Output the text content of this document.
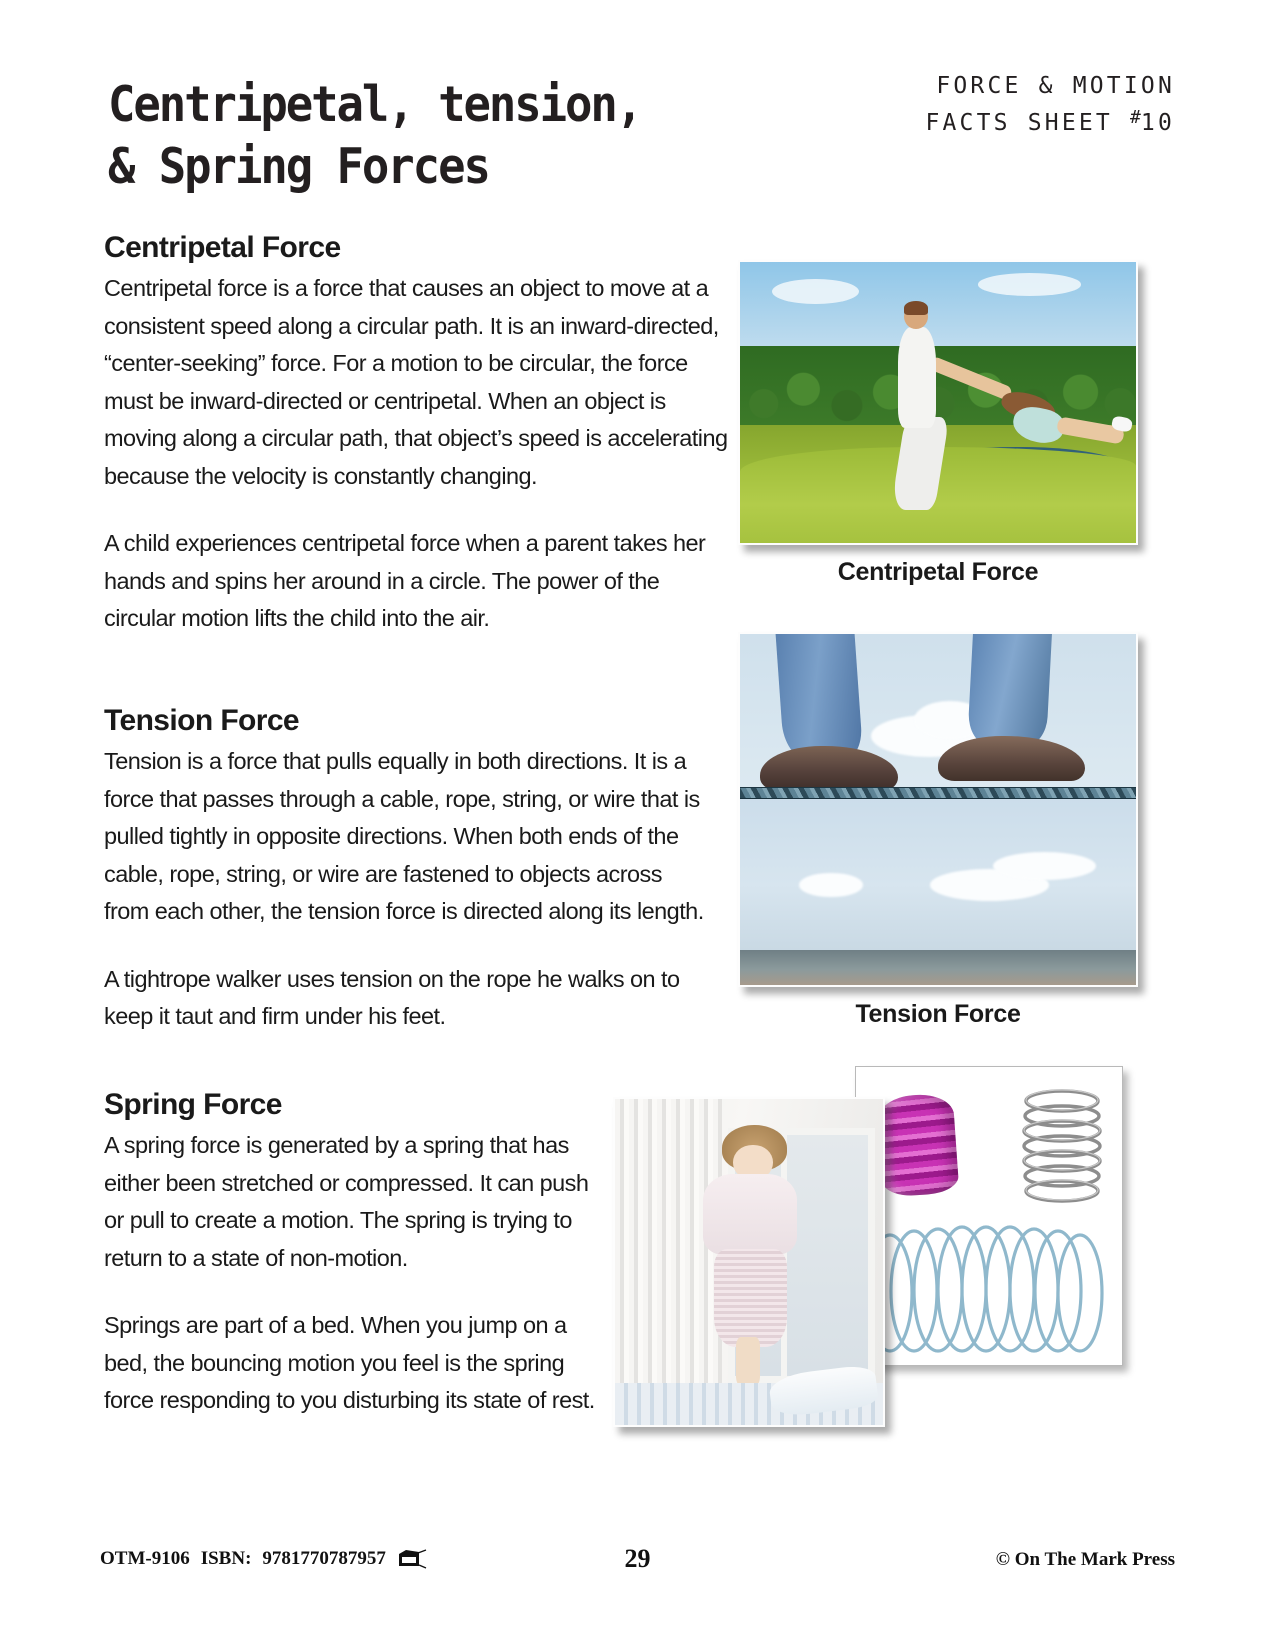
Centripetal, tension,
& Spring Forces
FORCE & MOTION
FACTS SHEET #10
Centripetal Force

Centripetal force is a force that causes an object to move at a consistent speed along a circular path. It is an inward-directed, “center-seeking” force. For a motion to be circular, the force must be inward-directed or centripetal. When an object is moving along a circular path, that object’s speed is accelerating because the velocity is constantly changing.

A child experiences centripetal force when a parent takes her hands and spins her around in a circle. The power of the circular motion lifts the child into the air.

Tension Force

Tension is a force that pulls equally in both directions. It is a force that passes through a cable, rope, string, or wire that is pulled tightly in opposite directions. When both ends of the cable, rope, string, or wire are fastened to objects across from each other, the tension force is directed along its length.

A tightrope walker uses tension on the rope he walks on to keep it taut and firm under his feet.

Spring Force

A spring force is generated by a spring that has either been stretched or compressed. It can push or pull to create a motion. The spring is trying to return to a state of non-motion.

Springs are part of a bed. When you jump on a bed, the bouncing motion you feel is the spring force responding to you disturbing its state of rest.

Centripetal Force
Tension Force
OTM-9106 ISBN: 9781770787957	29	© On The Mark Press
